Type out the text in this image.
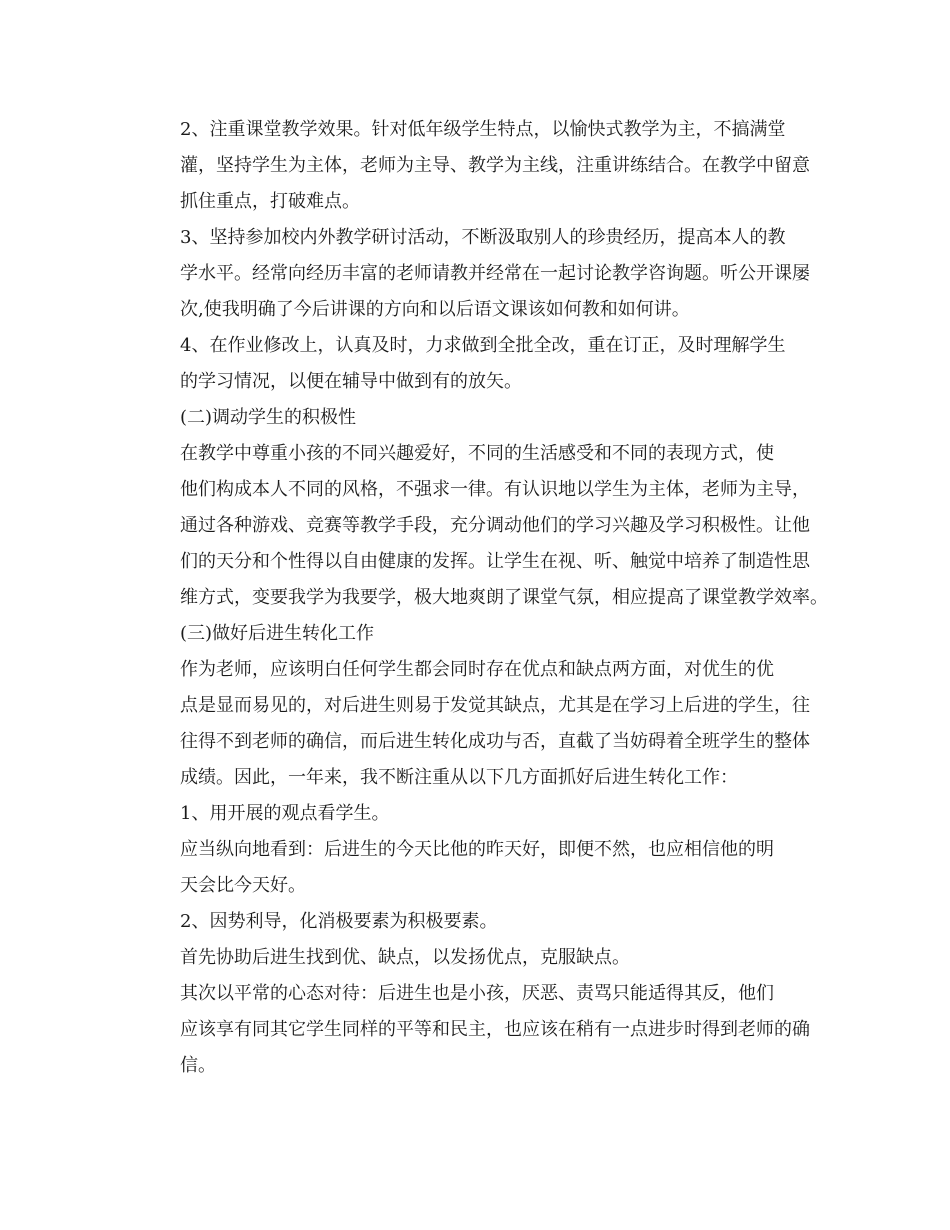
2、注重课堂教学效果。针对低年级学生特点，以愉快式教学为主，不搞满堂
灌，坚持学生为主体，老师为主导、教学为主线，注重讲练结合。在教学中留意
抓住重点，打破难点。

3、坚持参加校内外教学研讨活动，不断汲取别人的珍贵经历，提高本人的教
学水平。经常向经历丰富的老师请教并经常在一起讨论教学咨询题。听公开课屡
次,使我明确了今后讲课的方向和以后语文课该如何教和如何讲。

4、在作业修改上，认真及时，力求做到全批全改，重在订正，及时理解学生
的学习情况，以便在辅导中做到有的放矢。

(二)调动学生的积极性

在教学中尊重小孩的不同兴趣爱好，不同的生活感受和不同的表现方式，使
他们构成本人不同的风格，不强求一律。有认识地以学生为主体，老师为主导，
通过各种游戏、竞赛等教学手段，充分调动他们的学习兴趣及学习积极性。让他
们的天分和个性得以自由健康的发挥。让学生在视、听、触觉中培养了制造性思
维方式，变要我学为我要学，极大地爽朗了课堂气氛，相应提高了课堂教学效率。

(三)做好后进生转化工作

作为老师，应该明白任何学生都会同时存在优点和缺点两方面，对优生的优
点是显而易见的，对后进生则易于发觉其缺点，尤其是在学习上后进的学生，往
往得不到老师的确信，而后进生转化成功与否，直截了当妨碍着全班学生的整体
成绩。因此，一年来，我不断注重从以下几方面抓好后进生转化工作：

1、用开展的观点看学生。

应当纵向地看到：后进生的今天比他的昨天好，即便不然，也应相信他的明
天会比今天好。

2、因势利导，化消极要素为积极要素。

首先协助后进生找到优、缺点，以发扬优点，克服缺点。

其次以平常的心态对待：后进生也是小孩，厌恶、责骂只能适得其反，他们
应该享有同其它学生同样的平等和民主，也应该在稍有一点进步时得到老师的确
信。
